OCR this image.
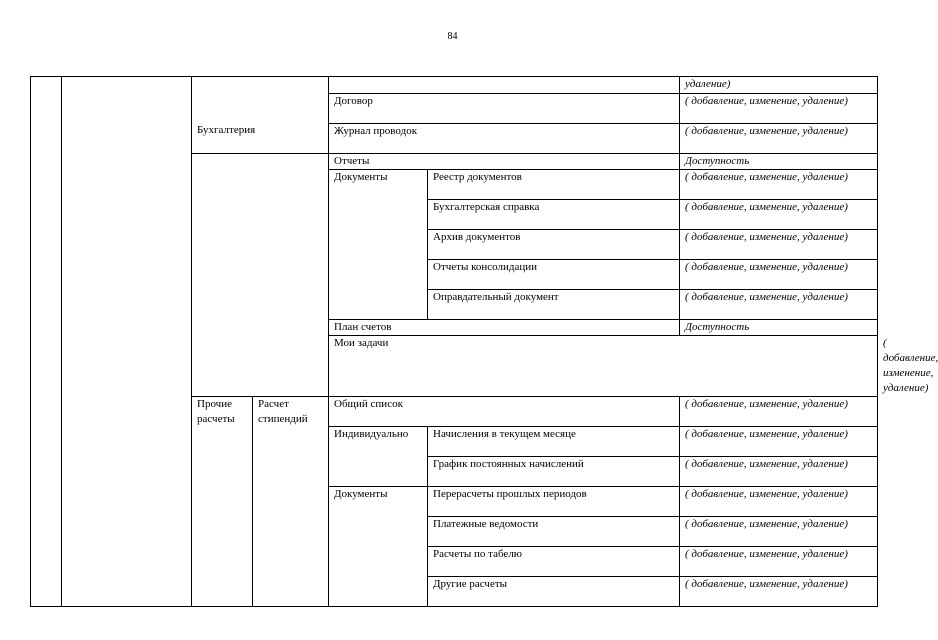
84
						удаление)	
				Договор		( добавление, изменение, удаление)	
				Журнал проводок		( добавление, изменение, удаление)	
		Бухгалтерия		Отчеты		Доступность	
				Документы	Реестр документов	( добавление, изменение, удаление)	
					Бухгалтерская справка	( добавление, изменение, удаление)	
					Архив документов	( добавление, изменение, удаление)	
					Отчеты консолидации	( добавление, изменение, удаление)	
					Оправдательный документ	( добавление, изменение, удаление)	
				План счетов		Доступность	
				Мои задачи			( добавление, изменение, удаление)
		Прочие расчеты	Расчет стипендий	Общий список		( добавление, изменение, удаление)	
				Индивидуально	Начисления в текущем месяце	( добавление, изменение, удаление)	
					График постоянных начислений	( добавление, изменение, удаление)	
				Документы	Перерасчеты прошлых периодов	( добавление, изменение, удаление)	
					Платежные ведомости	( добавление, изменение, удаление)	
					Расчеты по табелю	( добавление, изменение, удаление)	
					Другие расчеты	( добавление, изменение, удаление)	
